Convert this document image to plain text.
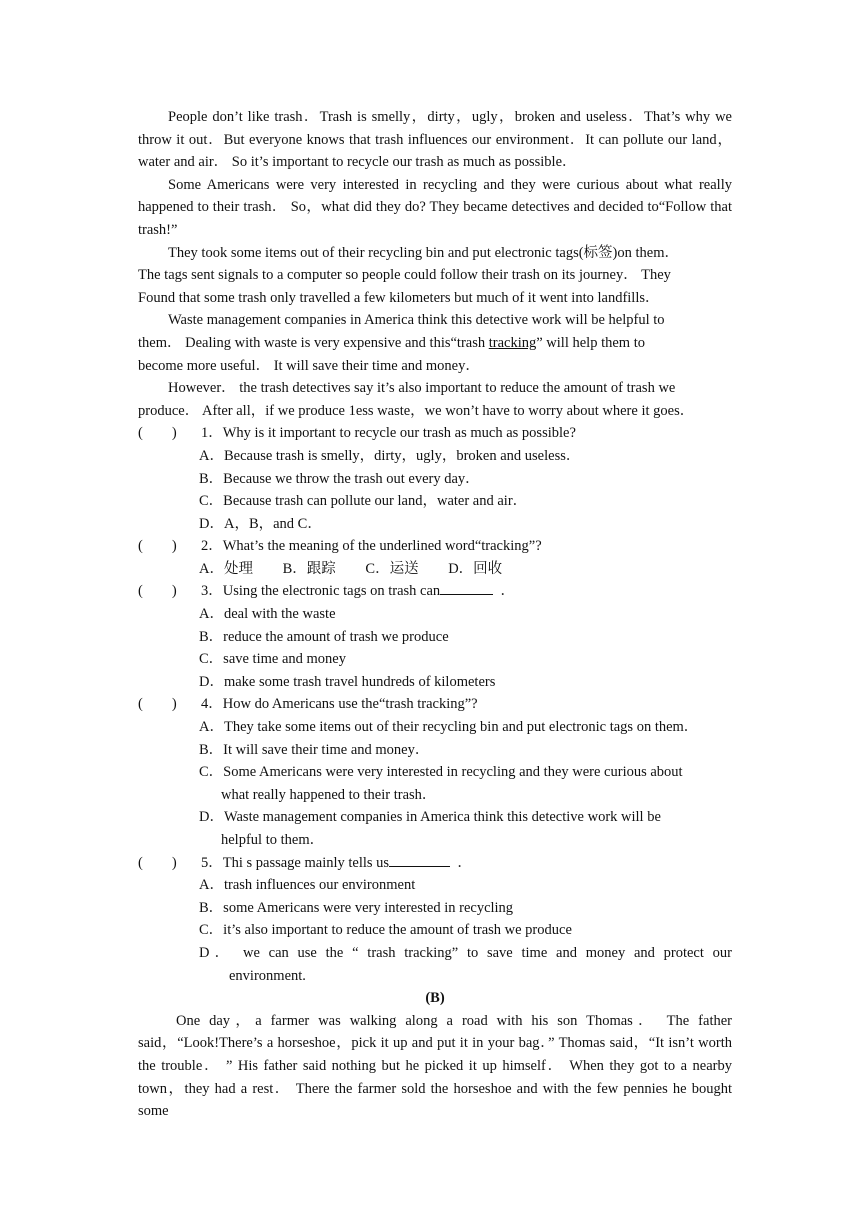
People don’t like trash．Trash is smelly，dirty，ugly，broken and useless．That’s why we throw it out．But everyone knows that trash influences our environment．It can pollute our land，water and air． So it’s important to recycle our trash as much as possible．

Some Americans were very interested in recycling and they were curious about what really happened to their trash． So，what did they do? They became detectives and decided to“Follow that trash!”

They took some items out of their recycling bin and put electronic tags(标签)on them．

The tags sent signals to a computer so people could follow their trash on its journey． They

Found that some trash only travelled a few kilometers but much of it went into landfills．

Waste management companies in America think this detective work will be helpful to

them． Dealing with waste is very expensive and this“trash tracking” will help them to

become more useful． It will save their time and money．

However． the trash detectives say it’s also important to reduce the amount of trash we

produce． After all，if we produce 1ess waste，we won’t have to worry about where it goes．

(　　)	1．Why is it important to recycle our trash as much as possible?

A．Because trash is smelly，dirty，ugly，broken and useless．

B．Because we throw the trash out every day．

C．Because trash can pollute our land，water and air．

D．A，B，and C．

(　　)	2．What’s the meaning of the underlined word“tracking”?

A．处理 B．跟踪 C．运送 D．回收

(　　)	3．Using the electronic tags on trash can	．

A．deal with the waste

B．reduce the amount of trash we produce

C．save time and money

D．make some trash travel hundreds of kilometers

(　　)	4．How do Americans use the“trash tracking”?

A．They take some items out of their recycling bin and put electronic tags on them．

B．It will save their time and money．

C．Some Americans were very interested in recycling and they were curious about

what really happened to their trash．

D．Waste management companies in America think this detective work will be

helpful to them．

(　　)	5．Thi s passage mainly tells us	．

A．trash influences our environment

B．some Americans were very interested in recycling

C．it’s also important to reduce the amount of trash we produce

D． we can use the “ trash tracking” to save time and money and protect our

environment.

(B)

One day，a farmer was walking along a road with his son Thomas． The father said，“Look!There’s a horseshoe，pick it up and put it in your bag．” Thomas said，“It isn’t worth the trouble． ” His father said nothing but he picked it up himself． When they got to a nearby town，they had a rest． There the farmer sold the horseshoe and with the few pennies he bought some
